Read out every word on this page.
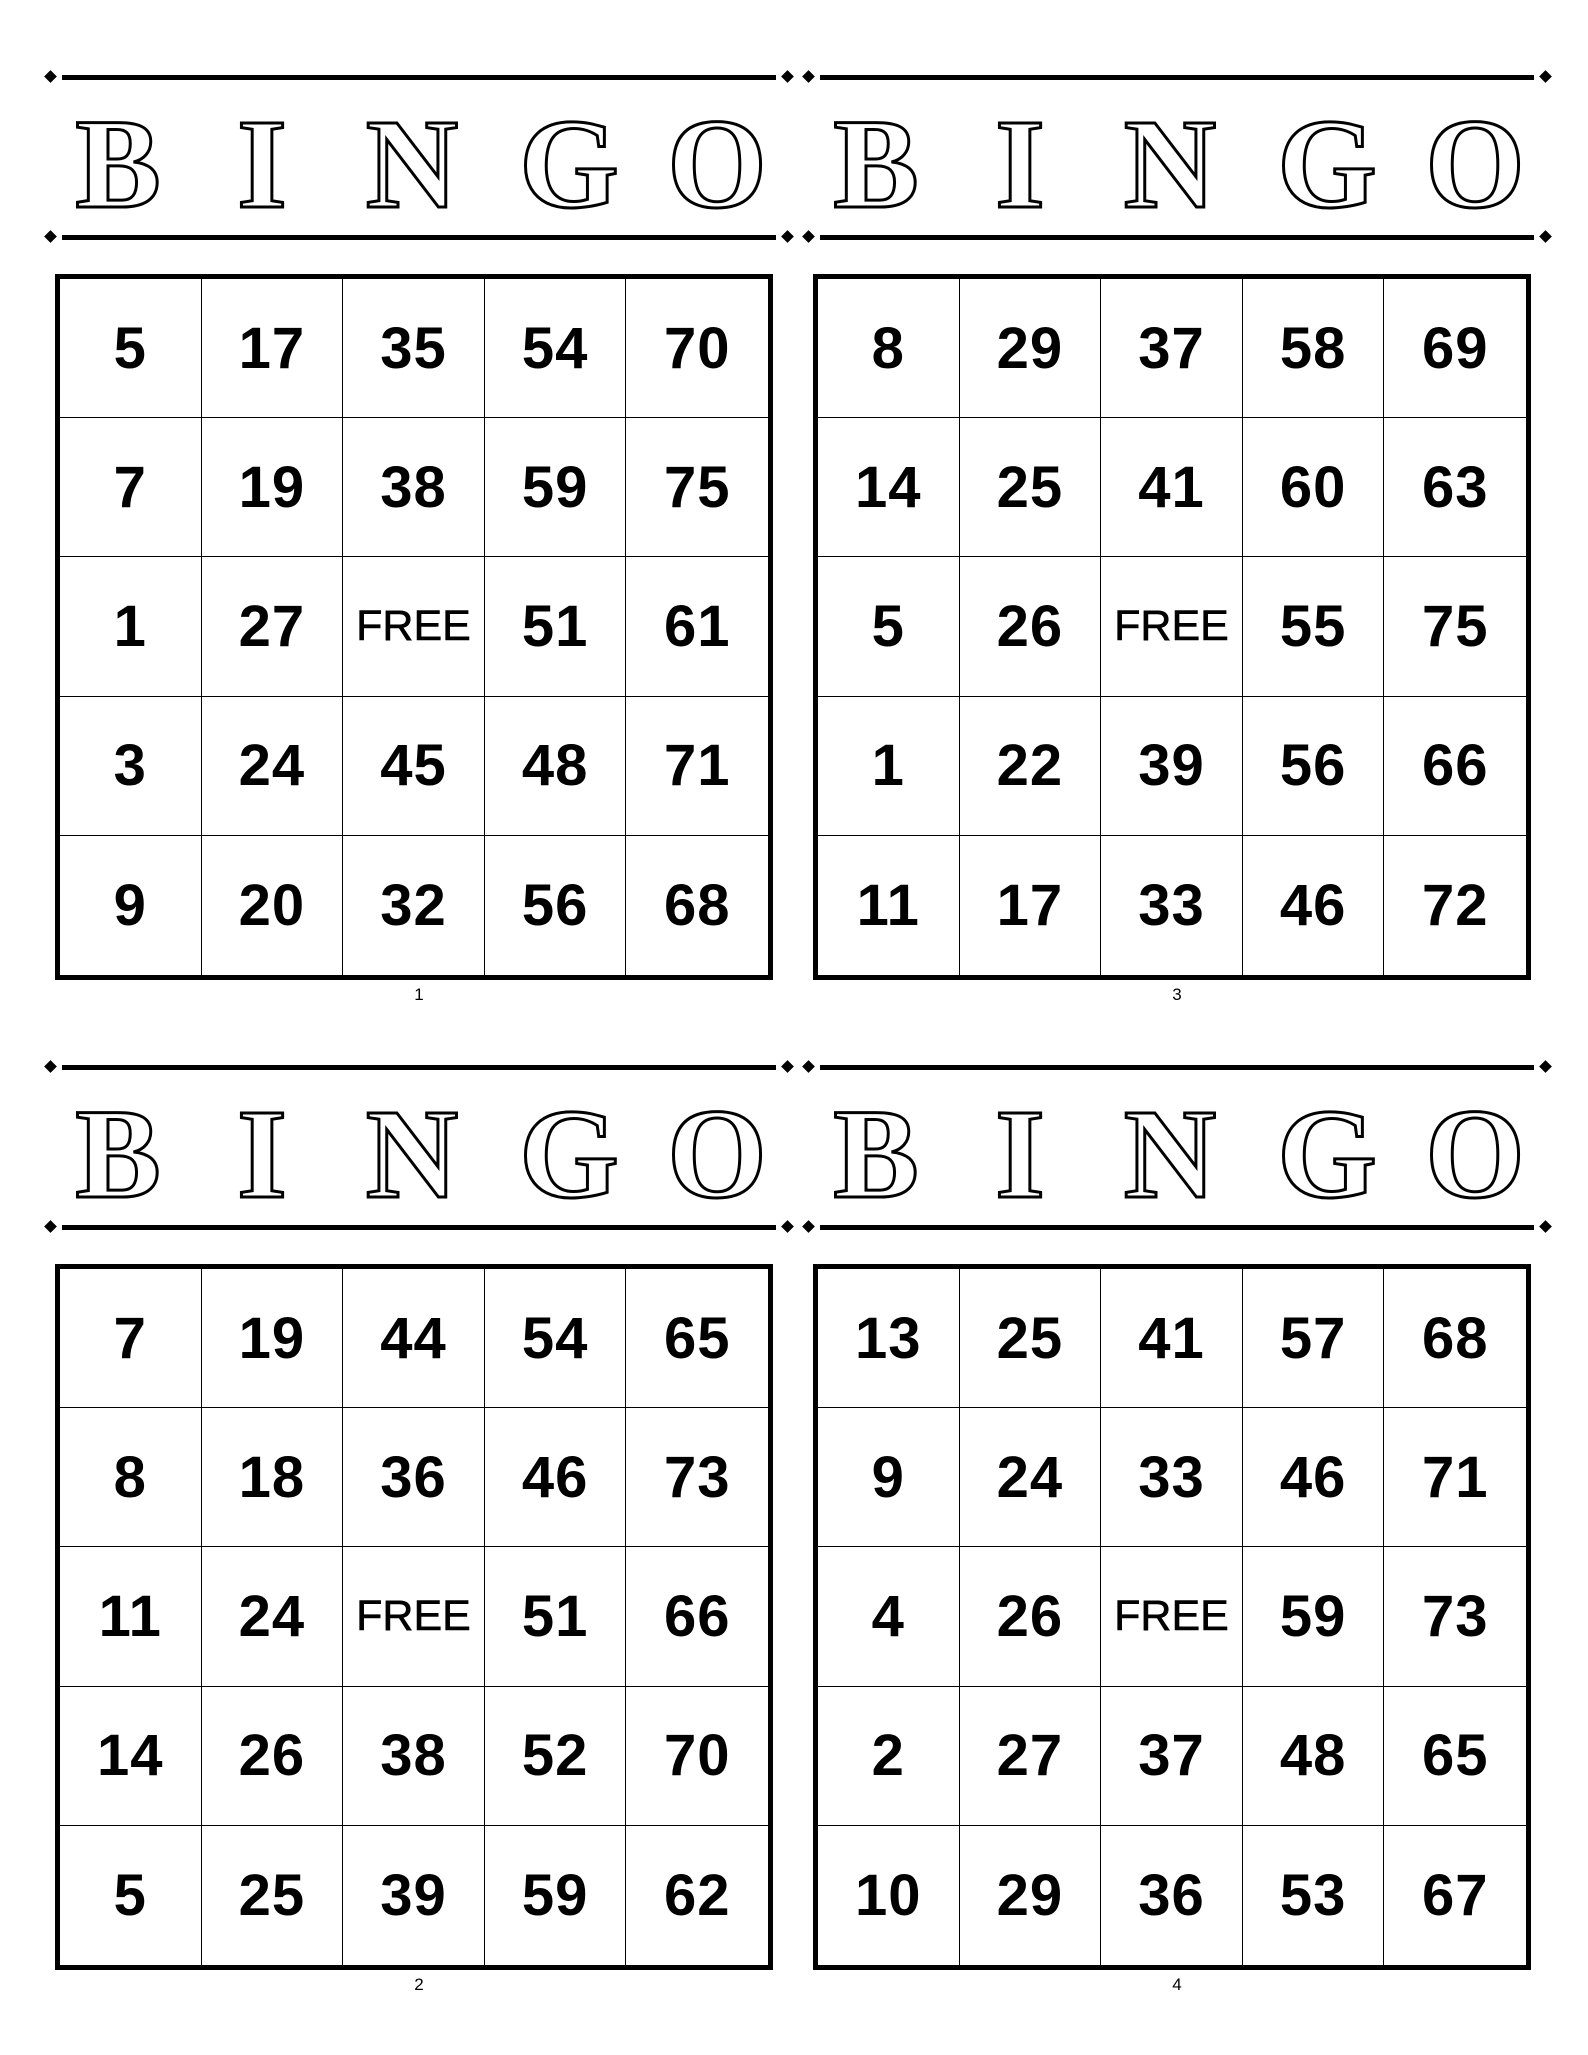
B I N G O
5	17	35	54	70
7	19	38	59	75
1	27	FREE 51	61
3	24	45	48	71
9	20	32	56	68
1
B I N G O
8	29	37	58	69
14	25	41	60	63
5	26	FREE 55	75
1	22	39	56	66
11	17	33	46	72
3
B I N G O
7	19	44	54	65
8	18	36	46	73
11	24	FREE 51	66
14	26	38	52	70
5	25	39	59	62
2
B I N G O
13	25	41	57	68
9	24	33	46	71
4	26	FREE 59	73
2	27	37	48	65
10	29	36	53	67
4
